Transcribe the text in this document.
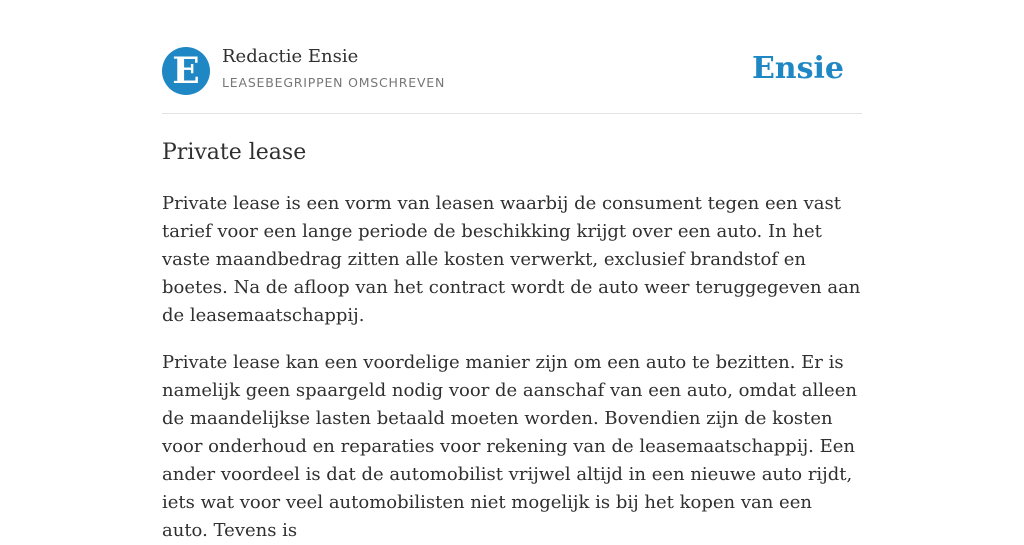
E	Redactie Ensie
LEASEBEGRIPPEN OMSCHREVEN	Ensie
Private lease

Private lease is een vorm van leasen waarbij de consument tegen een vast tarief voor een lange periode de beschikking krijgt over een auto. In het vaste maandbedrag zitten alle kosten verwerkt, exclusief brandstof en boetes. Na de afloop van het contract wordt de auto weer teruggegeven aan de leasemaatschappij.

Private lease kan een voordelige manier zijn om een auto te bezitten. Er is namelijk geen spaargeld nodig voor de aanschaf van een auto, omdat alleen de maandelijkse lasten betaald moeten worden. Bovendien zijn de kosten voor onderhoud en reparaties voor rekening van de leasemaatschappij. Een ander voordeel is dat de automobilist vrijwel altijd in een nieuwe auto rijdt, iets wat voor veel automobilisten niet mogelijk is bij het kopen van een auto. Tevens is
